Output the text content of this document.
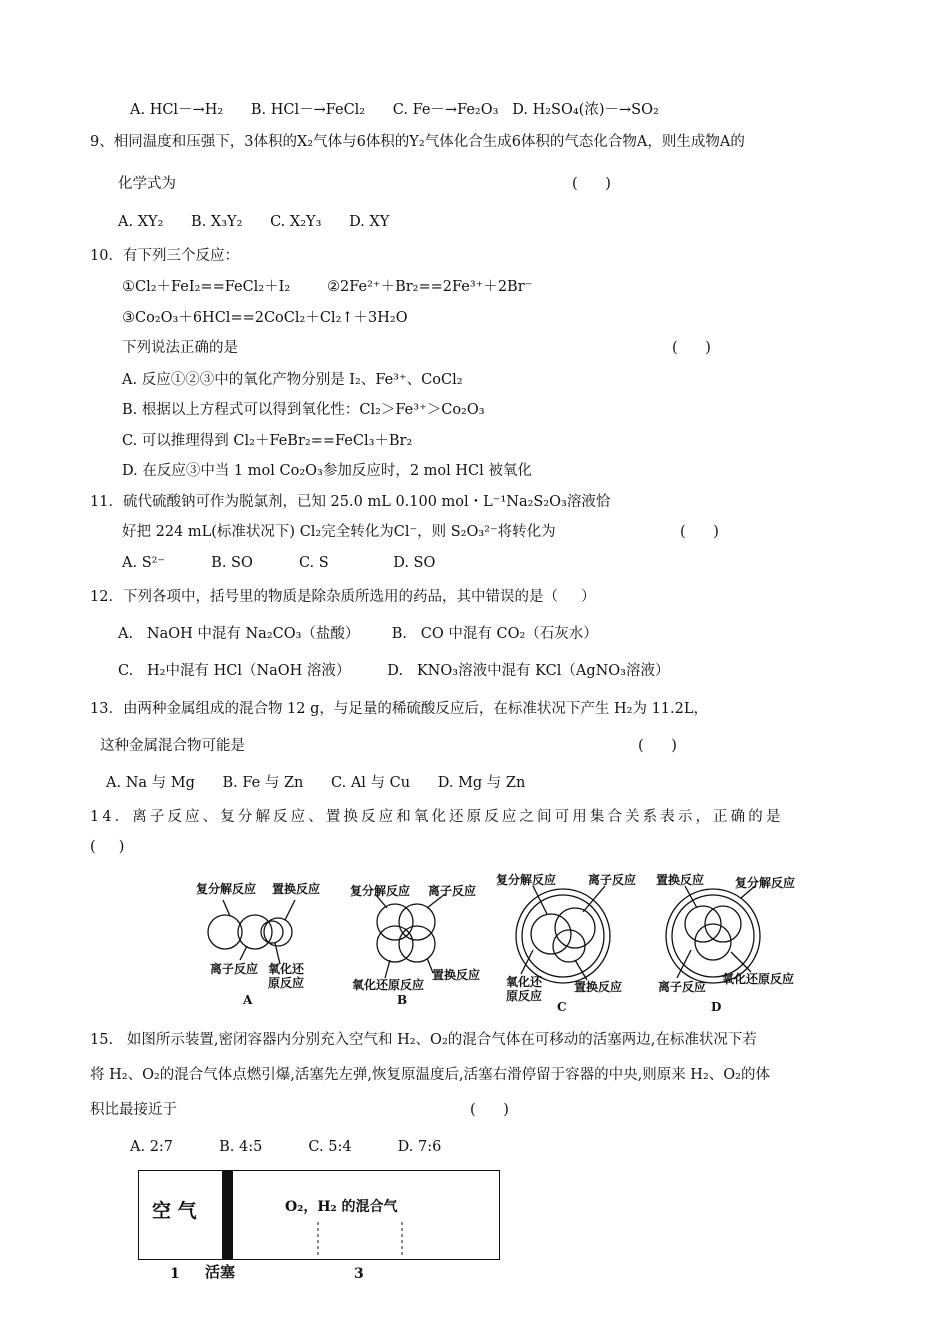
A. HCl－→H₂      B. HCl－→FeCl₂      C. Fe－→Fe₂O₃   D. H₂SO₄(浓)－→SO₂
9、相同温度和压强下，3体积的X₂气体与6体积的Y₂气体化合生成6体积的气态化合物A，则生成物A的
化学式为	(      )
A. XY₂      B. X₃Y₂      C. X₂Y₃      D. XY
10．有下列三个反应：
①Cl₂＋FeI₂==FeCl₂＋I₂        ②2Fe²⁺＋Br₂==2Fe³⁺＋2Br⁻
③Co₂O₃＋6HCl==2CoCl₂＋Cl₂↑＋3H₂O
下列说法正确的是	(      )
A. 反应①②③中的氧化产物分别是 I₂、Fe³⁺、CoCl₂
B. 根据以上方程式可以得到氧化性：Cl₂＞Fe³⁺＞Co₂O₃
C. 可以推理得到 Cl₂＋FeBr₂==FeCl₃＋Br₂
D. 在反应③中当 1 mol Co₂O₃参加反应时，2 mol HCl 被氧化
11．硫代硫酸钠可作为脱氯剂，已知 25.0 mL 0.100 mol・L⁻¹Na₂S₂O₃溶液恰
好把 224 mL(标准状况下) Cl₂完全转化为Cl⁻，则 S₂O₃²⁻将转化为	(      )
A. S²⁻          B. SO          C. S              D. SO
12．下列各项中，括号里的物质是除杂质所选用的药品，其中错误的是（     ）
A.   NaOH 中混有 Na₂CO₃（盐酸）       B.   CO 中混有 CO₂（石灰水）
C.   H₂中混有 HCl（NaOH 溶液）        D.   KNO₃溶液中混有 KCl（AgNO₃溶液）
13．由两种金属组成的混合物 12 g，与足量的稀硫酸反应后，在标准状况下产生 H₂为 11.2L，
这种金属混合物可能是	(      )
A. Na 与 Mg      B. Fe 与 Zn      C. Al 与 Cu      D. Mg 与 Zn
14．离子反应、复分解反应、置换反应和氧化还原反应之间可用集合关系表示，正确的是
(     )
复分解反应 置换反应
离子反应 氧化还
原反应
A
复分解反应 离子反应
氧化还原反应
置换反应
B
复分解反应	离子反应
氧化还
原反应
置换反应
C
置换反应	复分解反应
离子反应
氧化还原反应
D
15.   如图所示装置,密闭容器内分别充入空气和 H₂、O₂的混合气体在可移动的活塞两边,在标准状况下若
将 H₂、O₂的混合气体点燃引爆,活塞先左弹,恢复原温度后,活塞右滑停留于容器的中央,则原来 H₂、O₂的体
积比最接近于	(      )
A. 2:7          B. 4:5          C. 5:4          D. 7:6
空 气	O₂，H₂ 的混合气
1 活塞	3
